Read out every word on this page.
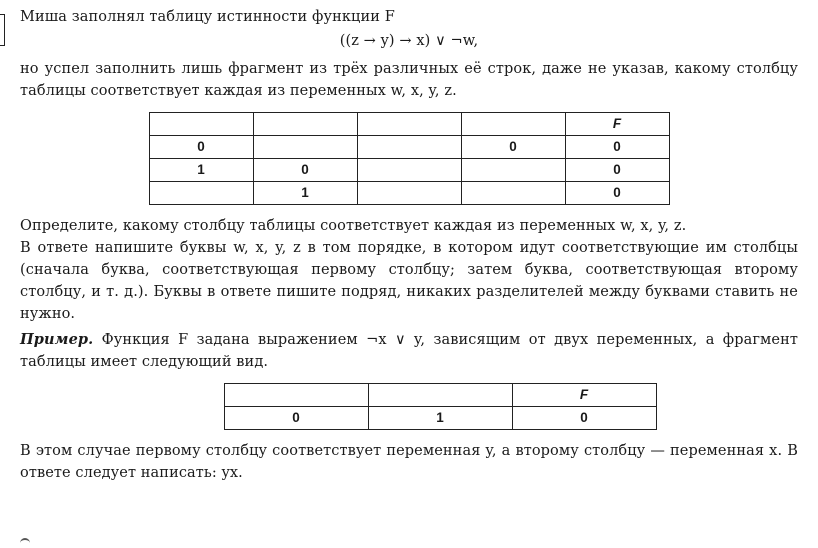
Миша заполнял таблицу истинности функции F

((z → y) → x) ∨ ¬w,

но успел заполнить лишь фрагмент из трёх различных её строк, даже не указав, какому столбцу таблицы соответствует каждая из переменных w, x, y, z.

				F
0			0	0
1	0			0
	1			0

Определите, какому столбцу таблицы соответствует каждая из переменных w, x, y, z.

В ответе напишите буквы w, x, y, z в том порядке, в котором идут соответствующие им столбцы (сначала буква, соответствующая первому столбцу; затем буква, соответствующая второму столбцу, и т. д.). Буквы в ответе пишите подряд, никаких разделителей между буквами ставить не нужно.

Пример. Функция F задана выражением ¬x ∨ y, зависящим от двух переменных, а фрагмент таблицы имеет следующий вид.

		F
0	1	0

В этом случае первому столбцу соответствует переменная y, а второму столбцу — переменная x. В ответе следует написать: yx.
